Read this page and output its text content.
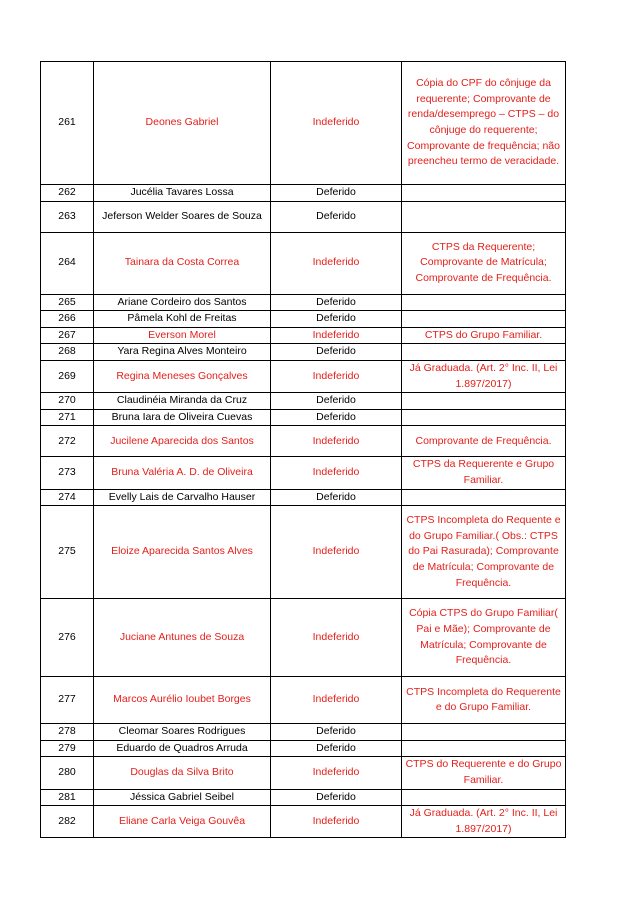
261	Deones Gabriel	Indeferido	Cópia do CPF do cônjuge da requerente; Comprovante de renda/desemprego – CTPS – do cônjuge do requerente; Comprovante de frequência; não preencheu termo de veracidade.
262	Jucélia Tavares Lossa	Deferido	
263	Jeferson Welder Soares de Souza	Deferido	
264	Tainara da Costa Correa	Indeferido	CTPS da Requerente; Comprovante de Matrícula; Comprovante de Frequência.
265	Ariane Cordeiro dos Santos	Deferido	
266	Pâmela Kohl de Freitas	Deferido	
267	Everson Morel	Indeferido	CTPS do Grupo Familiar.
268	Yara Regina Alves Monteiro	Deferido	
269	Regina Meneses Gonçalves	Indeferido	Já Graduada. (Art. 2° Inc. II, Lei 1.897/2017)
270	Claudinéia Miranda da Cruz	Deferido	
271	Bruna Iara de Oliveira Cuevas	Deferido	
272	Jucilene Aparecida dos Santos	Indeferido	Comprovante de Frequência.
273	Bruna Valéria A. D. de Oliveira	Indeferido	CTPS da Requerente e Grupo Familiar.
274	Evelly Lais de Carvalho Hauser	Deferido	
275	Eloize Aparecida Santos Alves	Indeferido	CTPS Incompleta do Requente e do Grupo Familiar.( Obs.: CTPS do Pai Rasurada); Comprovante de Matrícula; Comprovante de Frequência.
276	Juciane Antunes de Souza	Indeferido	Cópia CTPS do Grupo Familiar( Pai e Mãe); Comprovante de Matrícula; Comprovante de Frequência.
277	Marcos Aurélio Ioubet Borges	Indeferido	CTPS Incompleta do Requerente e do Grupo Familiar.
278	Cleomar Soares Rodrigues	Deferido	
279	Eduardo de Quadros Arruda	Deferido	
280	Douglas da Silva Brito	Indeferido	CTPS do Requerente e do Grupo Familiar.
281	Jéssica Gabriel Seibel	Deferido	
282	Eliane Carla Veiga Gouvêa	Indeferido	Já Graduada. (Art. 2° Inc. II, Lei 1.897/2017)
